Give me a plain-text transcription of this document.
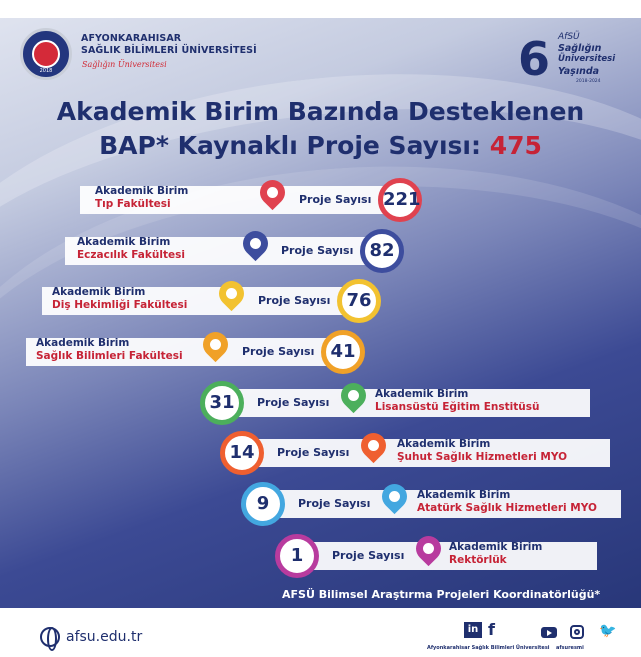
2018
AFYONKARAHISAR
SAĞLIK BİLİMLERİ ÜNİVERSİTESİ
Sağlığın Üniversitesi	6 AfSÜ
Sağlığın
Üniversitesi
Yaşında
2018-2024
Akademik Birim Bazında Desteklenen
BAP* Kaynaklı Proje Sayısı: 475
Akademik Birim
Tıp Fakültesi	Proje Sayısı 221
Akademik Birim
Eczacılık Fakültesi	Proje Sayısı 82
Akademik Birim
Diş Hekimliği Fakültesi	Proje Sayısı 76
Akademik Birim
Sağlık Bilimleri Fakültesi	Proje Sayısı 41
31	Proje Sayısı
Akademik Birim
Lisansüstü Eğitim Enstitüsü
14	Proje Sayısı
Akademik Birim
Şuhut Sağlık Hizmetleri MYO
9	Proje Sayısı
Akademik Birim
Atatürk Sağlık Hizmetleri MYO
1	Proje Sayısı
Akademik Birim
Rektörlük
AFSÜ Bilimsel Araştırma Projeleri Koordinatörlüğü*
afsu.edu.tr	in f	🐦
Afyonkarahisar Sağlık Bilimleri Üniversitesi afsuresmi
